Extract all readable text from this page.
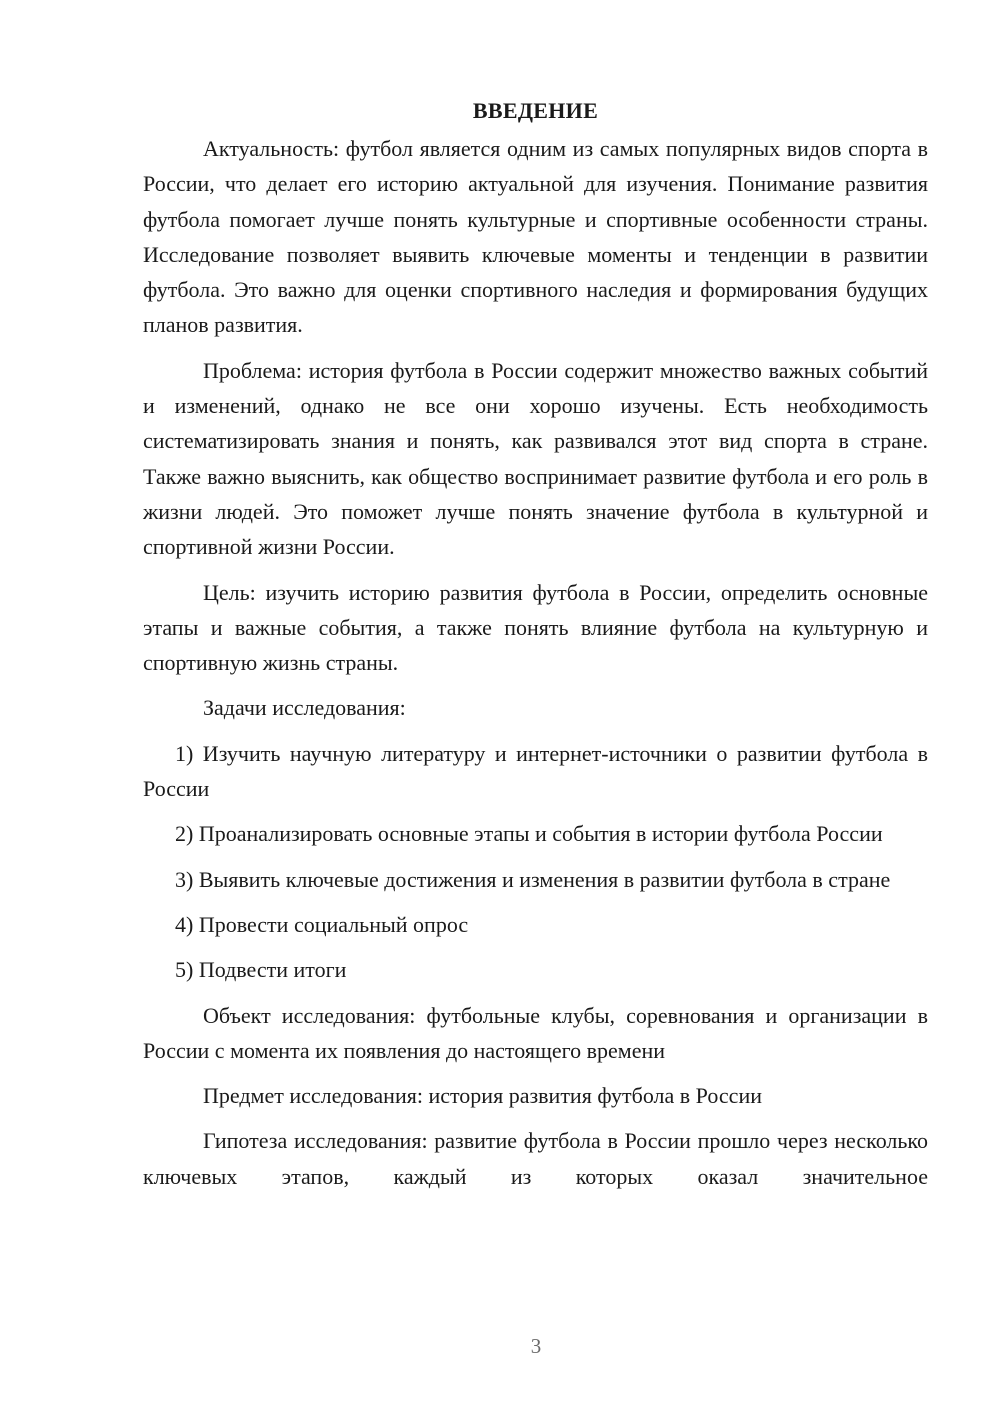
ВВЕДЕНИЕ

Актуальность: футбол является одним из самых популярных видов спорта в России, что делает его историю актуальной для изучения. Понимание развития футбола помогает лучше понять культурные и спортивные особенности страны. Исследование позволяет выявить ключевые моменты и тенденции в развитии футбола. Это важно для оценки спортивного наследия и формирования будущих планов развития.

Проблема: история футбола в России содержит множество важных событий и изменений, однако не все они хорошо изучены. Есть необходимость систематизировать знания и понять, как развивался этот вид спорта в стране. Также важно выяснить, как общество воспринимает развитие футбола и его роль в жизни людей. Это поможет лучше понять значение футбола в культурной и спортивной жизни России.

Цель: изучить историю развития футбола в России, определить основные этапы и важные события, а также понять влияние футбола на культурную и спортивную жизнь страны.

Задачи исследования:

1) Изучить научную литературу и интернет-источники о развитии футбола в России

2) Проанализировать основные этапы и события в истории футбола России

3) Выявить ключевые достижения и изменения в развитии футбола в стране

4) Провести социальный опрос

5) Подвести итоги

Объект исследования: футбольные клубы, соревнования и организации в России с момента их появления до настоящего времени

Предмет исследования: история развития футбола в России

Гипотеза исследования: развитие футбола в России прошло через несколько ключевых этапов, каждый из которых оказал значительное

3
